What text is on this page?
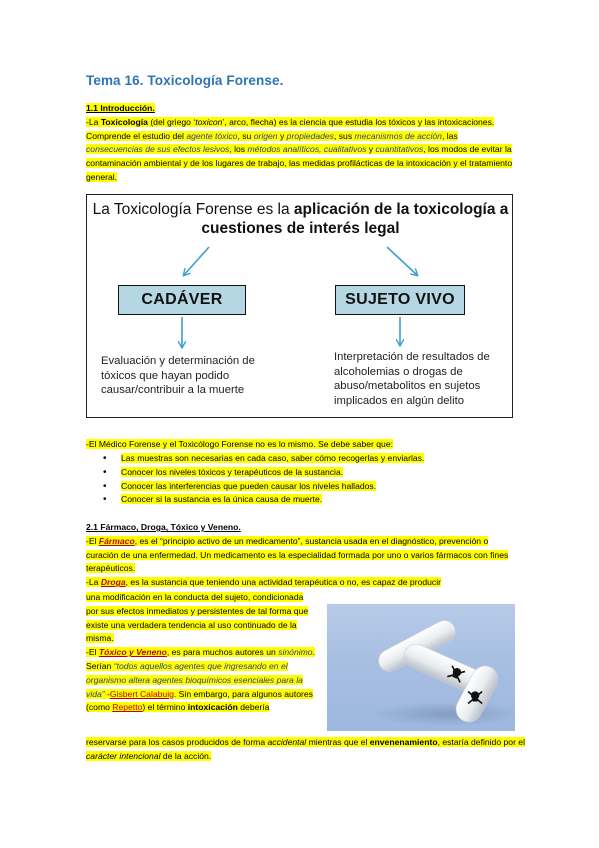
Tema 16. Toxicología Forense.
1.1 Introducción.
-La Toxicología (del griego ‘toxicon’, arco, flecha) es la ciencia que estudia los tóxicos y las intoxicaciones. Comprende el estudio del agente tóxico, su origen y propiedades, sus mecanismos de acción, las consecuencias de sus efectos lesivos, los métodos analíticos, cualitativos y cuantitativos, los modos de evitar la contaminación ambiental y de los lugares de trabajo, las medidas profilácticas de la intoxicación y el tratamiento general.
La Toxicología Forense es la aplicación de la toxicología a cuestiones de interés legal
CADÁVER	SUJETO VIVO
Evaluación y determinación de tóxicos que hayan podido causar/contribuir a la muerte
Interpretación de resultados de alcoholemias o drogas de abuso/metabolitos en sujetos implicados en algún delito
-El Médico Forense y el Toxicólogo Forense no es lo mismo. Se debe saber que:
• Las muestras son necesarias en cada caso, saber cómo recogerlas y enviarlas.
• Conocer los niveles tóxicos y terapéuticos de la sustancia.
• Conocer las interferencias que pueden causar los niveles hallados.
• Conocer si la sustancia es la única causa de muerte.
2.1 Fármaco, Droga, Tóxico y Veneno.
-El Fármaco, es el “principio activo de un medicamento”, sustancia usada en el diagnóstico, prevención o curación de una enfermedad. Un medicamento es la especialidad formada por uno o varios fármacos con fines terapéuticos.
-La Droga, es la sustancia que teniendo una actividad terapéutica o no, es capaz de producir
una modificación en la conducta del sujeto, condicionada por sus efectos inmediatos y persistentes de tal forma que existe una verdadera tendencia al uso continuado de la misma.
-El Tóxico y Veneno, es para muchos autores un sinónimo. Serían “todos aquellos agentes que ingresando en el organismo altera agentes bioquímicos esenciales para la vida” -Gisbert Calabuig. Sin embargo, para algunos autores (como Repetto) el término intoxicación debería
reservarse para los casos producidos de forma accidental mientras que el envenenamiento, estaría definido por el carácter intencional de la acción.
